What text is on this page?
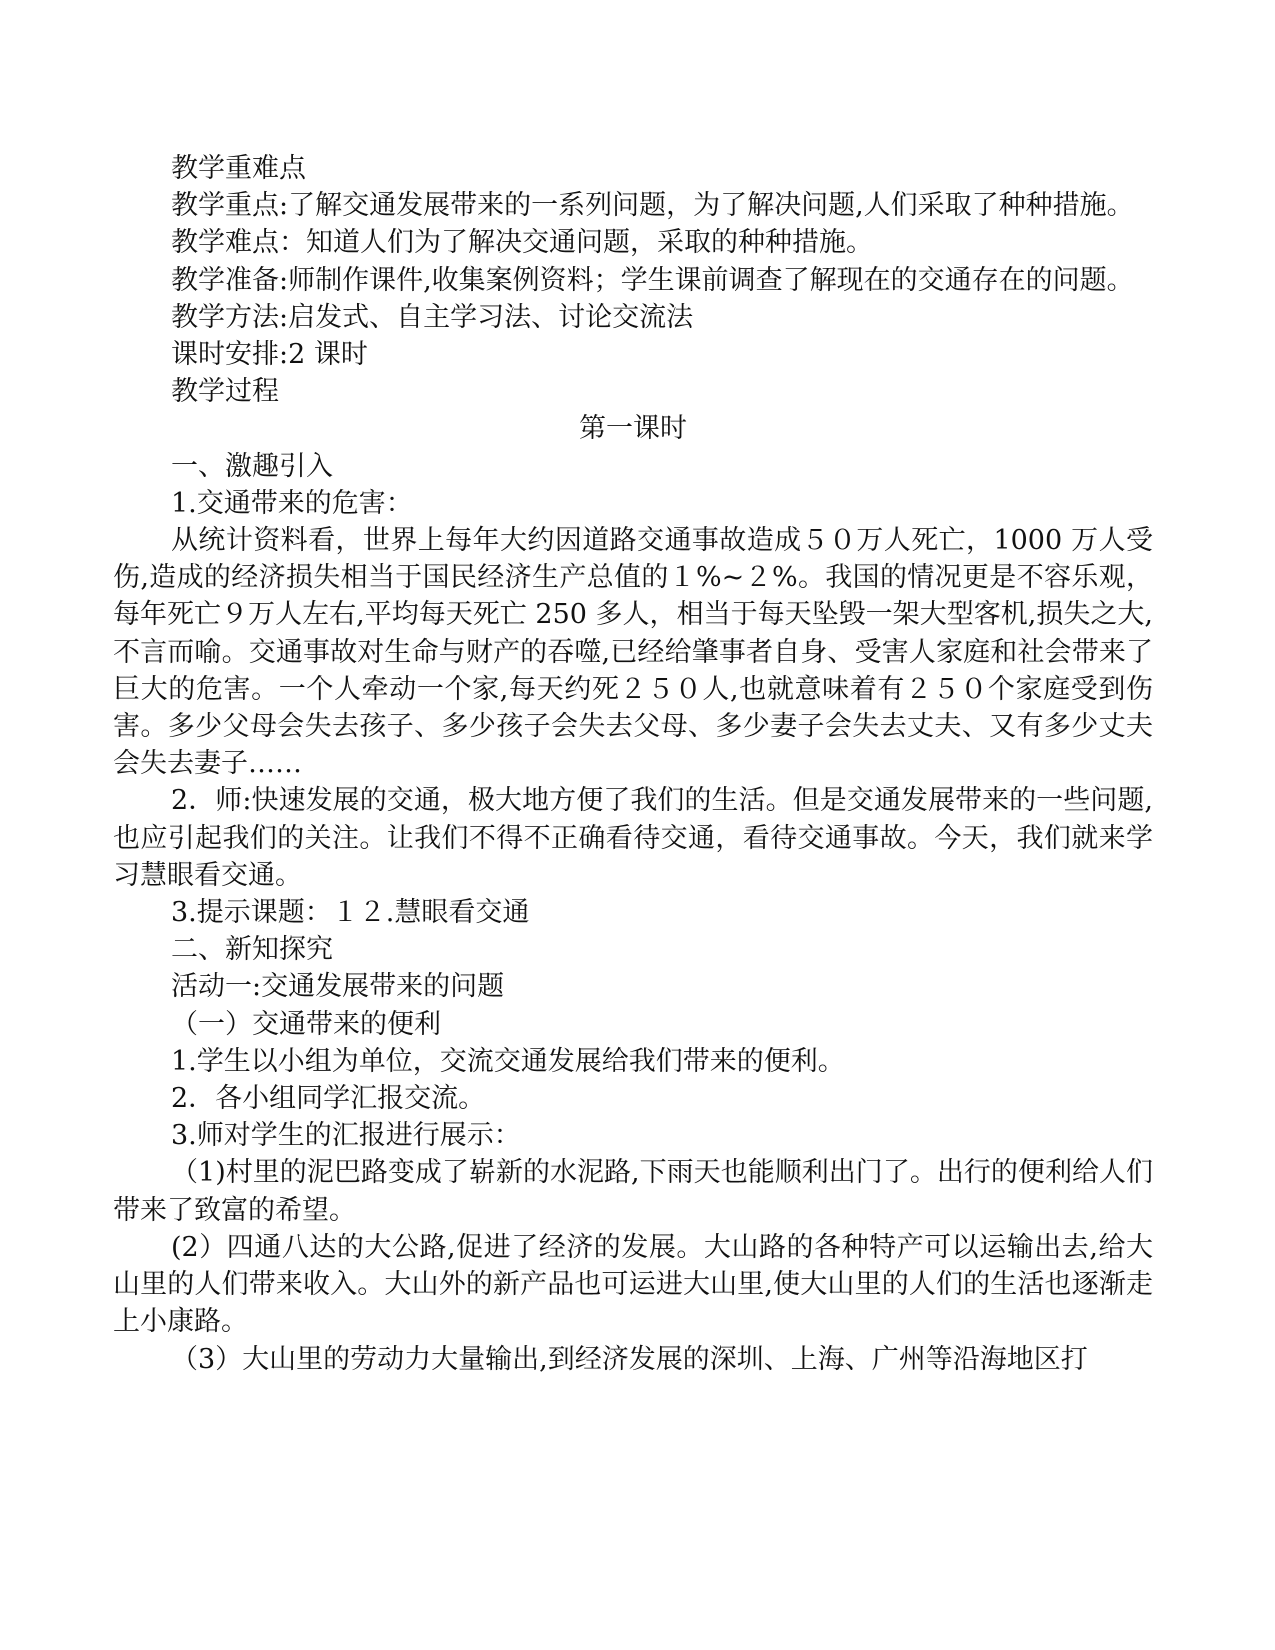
教学重难点

教学重点:了解交通发展带来的一系列问题，为了解决问题,人们采取了种种措施。

教学难点：知道人们为了解决交通问题，采取的种种措施。

教学准备:师制作课件,收集案例资料；学生课前调查了解现在的交通存在的问题。

教学方法:启发式、自主学习法、讨论交流法

课时安排:2 课时

教学过程

第一课时

一、激趣引入

1.交通带来的危害：

从统计资料看，世界上每年大约因道路交通事故造成５０万人死亡，1000 万人受伤,造成的经济损失相当于国民经济生产总值的１%~２%。我国的情况更是不容乐观，每年死亡９万人左右,平均每天死亡 250 多人，相当于每天坠毁一架大型客机,损失之大,不言而喻。交通事故对生命与财产的吞噬,已经给肇事者自身、受害人家庭和社会带来了巨大的危害。一个人牵动一个家,每天约死２５０人,也就意味着有２５０个家庭受到伤害。多少父母会失去孩子、多少孩子会失去父母、多少妻子会失去丈夫、又有多少丈夫会失去妻子……

2．师:快速发展的交通，极大地方便了我们的生活。但是交通发展带来的一些问题,也应引起我们的关注。让我们不得不正确看待交通，看待交通事故。今天，我们就来学习慧眼看交通。

3.提示课题：１２.慧眼看交通

二、新知探究

活动一:交通发展带来的问题

（一）交通带来的便利

1.学生以小组为单位，交流交通发展给我们带来的便利。

2．各小组同学汇报交流。

3.师对学生的汇报进行展示：

（1)村里的泥巴路变成了崭新的水泥路,下雨天也能顺利出门了。出行的便利给人们带来了致富的希望。

(2）四通八达的大公路,促进了经济的发展。大山路的各种特产可以运输出去,给大山里的人们带来收入。大山外的新产品也可运进大山里,使大山里的人们的生活也逐渐走上小康路。

（3）大山里的劳动力大量输出,到经济发展的深圳、上海、广州等沿海地区打
